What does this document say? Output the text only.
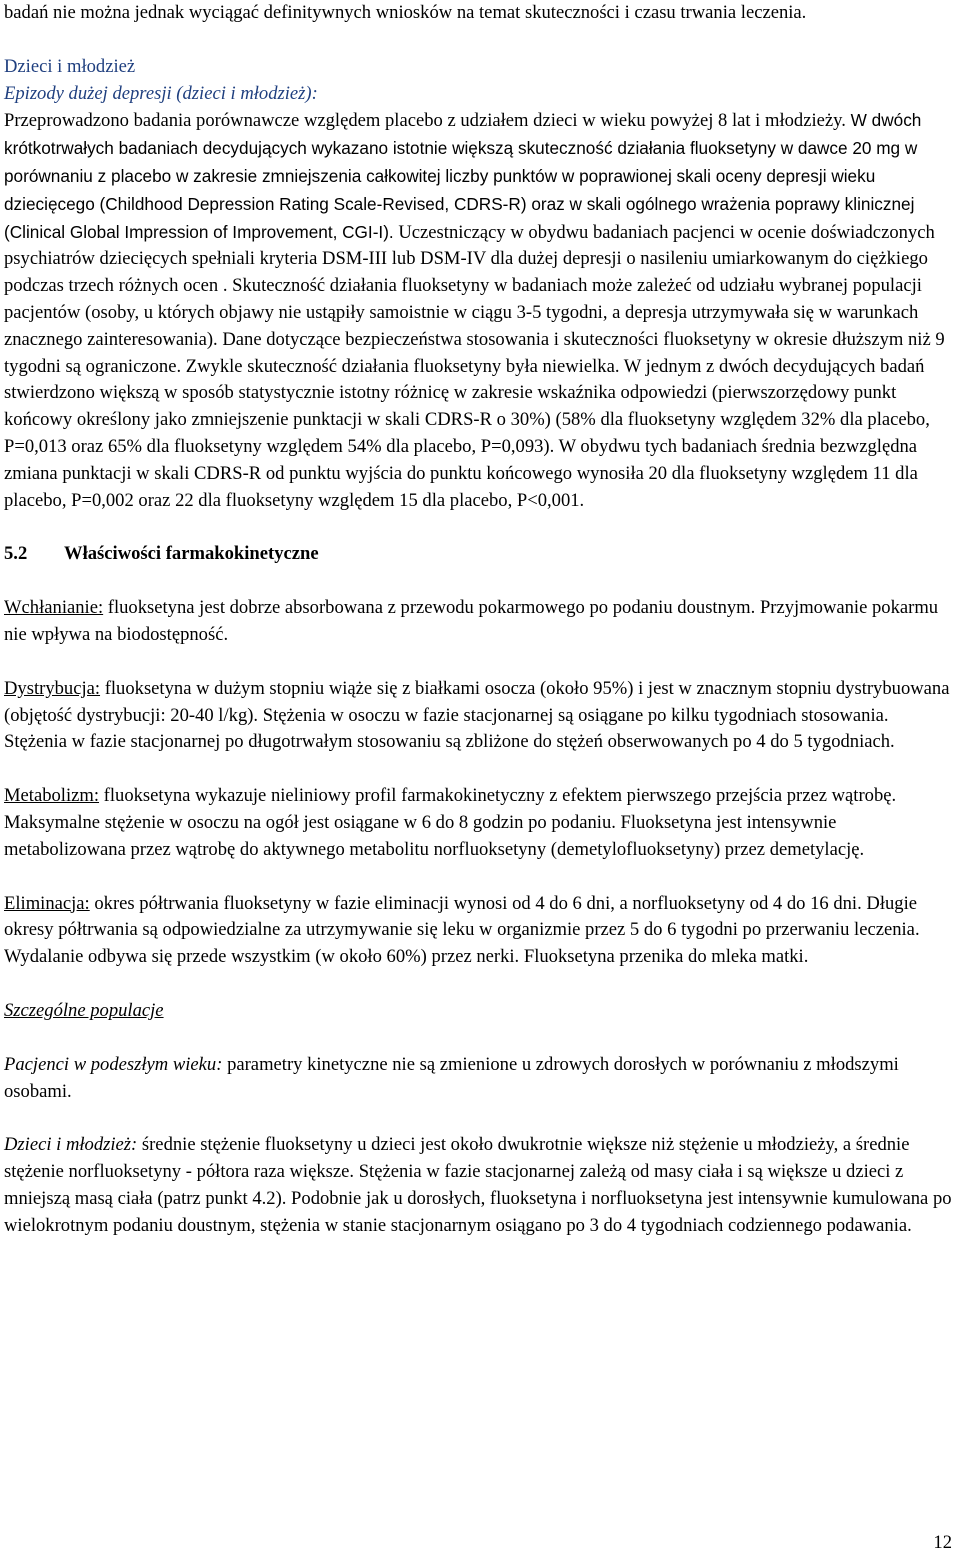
badań nie można jednak wyciągać definitywnych wniosków na temat skuteczności i czasu trwania leczenia.

Dzieci i młodzież

Epizody dużej depresji (dzieci i młodzież):

Przeprowadzono badania porównawcze względem placebo z udziałem dzieci w wieku powyżej 8 lat i młodzieży. W dwóch krótkotrwałych badaniach decydujących wykazano istotnie większą skuteczność działania fluoksetyny w dawce 20 mg w porównaniu z placebo w zakresie zmniejszenia całkowitej liczby punktów w poprawionej skali oceny depresji wieku dziecięcego (Childhood Depression Rating Scale-Revised, CDRS-R) oraz w skali ogólnego wrażenia poprawy klinicznej (Clinical Global Impression of Improvement, CGI-I). Uczestniczący w obydwu badaniach pacjenci w ocenie doświadczonych psychiatrów dziecięcych spełniali kryteria DSM-III lub DSM-IV dla dużej depresji o nasileniu umiarkowanym do ciężkiego podczas trzech różnych ocen . Skuteczność działania fluoksetyny w badaniach może zależeć od udziału wybranej populacji pacjentów (osoby, u których objawy nie ustąpiły samoistnie w ciągu 3-5 tygodni, a depresja utrzymywała się w warunkach znacznego zainteresowania). Dane dotyczące bezpieczeństwa stosowania i skuteczności fluoksetyny w okresie dłuższym niż 9 tygodni są ograniczone. Zwykle skuteczność działania fluoksetyny była niewielka. W jednym z dwóch decydujących badań stwierdzono większą w sposób statystycznie istotny różnicę w zakresie wskaźnika odpowiedzi (pierwszorzędowy punkt końcowy określony jako zmniejszenie punktacji w skali CDRS-R o 30%) (58% dla fluoksetyny względem 32% dla placebo, P=0,013 oraz 65% dla fluoksetyny względem 54% dla placebo, P=0,093). W obydwu tych badaniach średnia bezwzględna zmiana punktacji w skali CDRS-R od punktu wyjścia do punktu końcowego wynosiła 20 dla fluoksetyny względem 11 dla placebo, P=0,002 oraz 22 dla fluoksetyny względem 15 dla placebo, P<0,001.

5.2 Właściwości farmakokinetyczne

Wchłanianie: fluoksetyna jest dobrze absorbowana z przewodu pokarmowego po podaniu doustnym. Przyjmowanie pokarmu nie wpływa na biodostępność.

Dystrybucja: fluoksetyna w dużym stopniu wiąże się z białkami osocza (około 95%) i jest w znacznym stopniu dystrybuowana (objętość dystrybucji: 20-40 l/kg). Stężenia w osoczu w fazie stacjonarnej są osiągane po kilku tygodniach stosowania. Stężenia w fazie stacjonarnej po długotrwałym stosowaniu są zbliżone do stężeń obserwowanych po 4 do 5 tygodniach.

Metabolizm: fluoksetyna wykazuje nieliniowy profil farmakokinetyczny z efektem pierwszego przejścia przez wątrobę. Maksymalne stężenie w osoczu na ogół jest osiągane w 6 do 8 godzin po podaniu. Fluoksetyna jest intensywnie metabolizowana przez wątrobę do aktywnego metabolitu norfluoksetyny (demetylofluoksetyny) przez demetylację.

Eliminacja: okres półtrwania fluoksetyny w fazie eliminacji wynosi od 4 do 6 dni, a norfluoksetyny od 4 do 16 dni. Długie okresy półtrwania są odpowiedzialne za utrzymywanie się leku w organizmie przez 5 do 6 tygodni po przerwaniu leczenia. Wydalanie odbywa się przede wszystkim (w około 60%) przez nerki. Fluoksetyna przenika do mleka matki.

Szczególne populacje

Pacjenci w podeszłym wieku: parametry kinetyczne nie są zmienione u zdrowych dorosłych w porównaniu z młodszymi osobami.

Dzieci i młodzież: średnie stężenie fluoksetyny u dzieci jest około dwukrotnie większe niż stężenie u młodzieży, a średnie stężenie norfluoksetyny - półtora raza większe. Stężenia w fazie stacjonarnej zależą od masy ciała i są większe u dzieci z mniejszą masą ciała (patrz punkt 4.2). Podobnie jak u dorosłych, fluoksetyna i norfluoksetyna jest intensywnie kumulowana po wielokrotnym podaniu doustnym, stężenia w stanie stacjonarnym osiągano po 3 do 4 tygodniach codziennego podawania.

12
